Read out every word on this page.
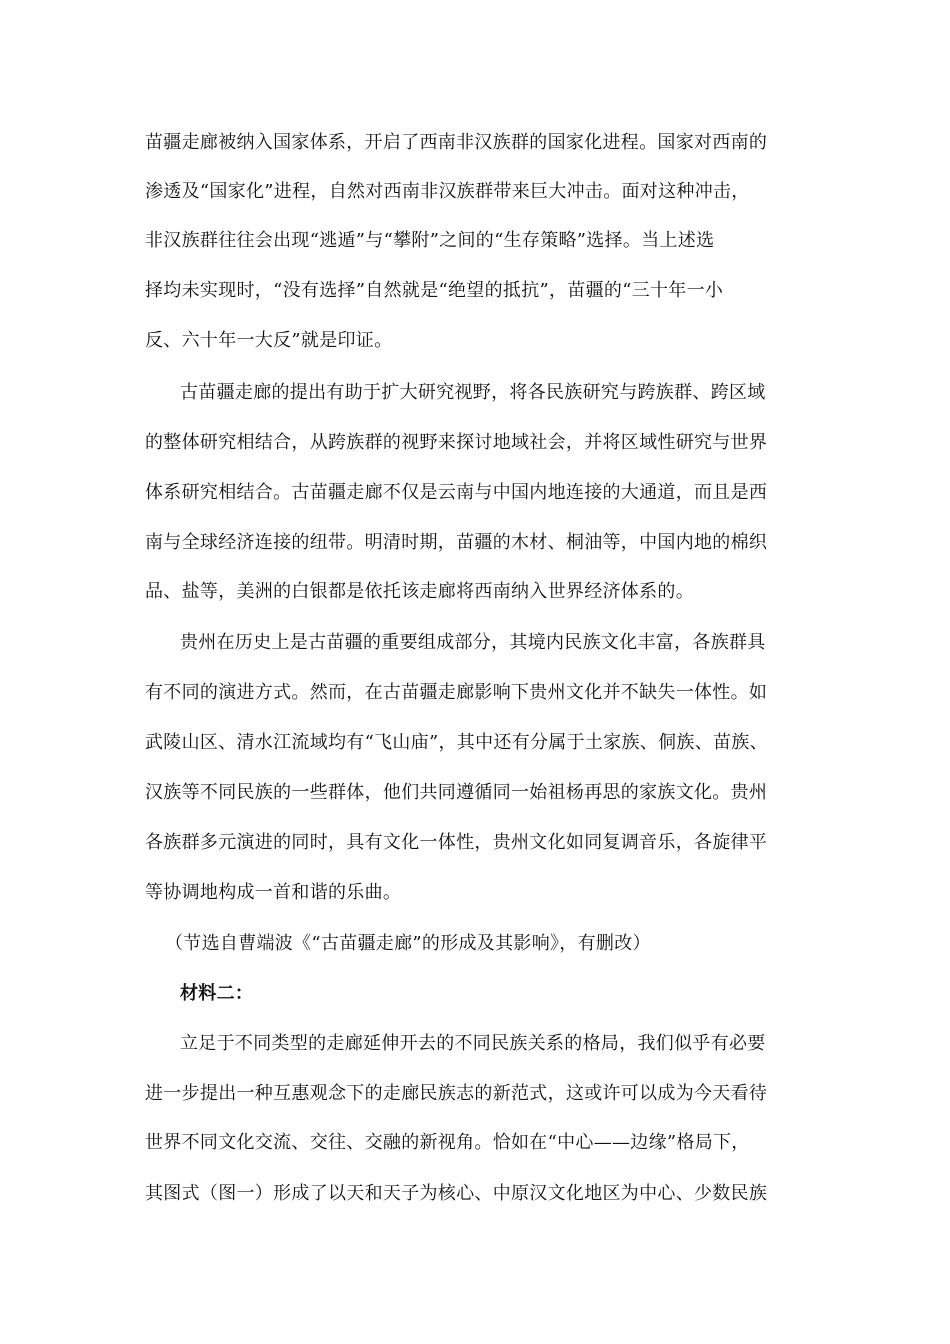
苗疆走廊被纳入国家体系，开启了西南非汉族群的国家化进程。国家对西南的
渗透及“国家化”进程，自然对西南非汉族群带来巨大冲击。面对这种冲击，
非汉族群往往会出现“逃遁”与“攀附”之间的“生存策略”选择。当上述选
择均未实现时，“没有选择”自然就是“绝望的抵抗”，苗疆的“三十年一小
反、六十年一大反”就是印证。
古苗疆走廊的提出有助于扩大研究视野，将各民族研究与跨族群、跨区域
的整体研究相结合，从跨族群的视野来探讨地域社会，并将区域性研究与世界
体系研究相结合。古苗疆走廊不仅是云南与中国内地连接的大通道，而且是西
南与全球经济连接的纽带。明清时期，苗疆的木材、桐油等，中国内地的棉织
品、盐等，美洲的白银都是依托该走廊将西南纳入世界经济体系的。
贵州在历史上是古苗疆的重要组成部分，其境内民族文化丰富，各族群具
有不同的演进方式。然而，在古苗疆走廊影响下贵州文化并不缺失一体性。如
武陵山区、清水江流域均有“飞山庙”，其中还有分属于土家族、侗族、苗族、
汉族等不同民族的一些群体，他们共同遵循同一始祖杨再思的家族文化。贵州
各族群多元演进的同时，具有文化一体性，贵州文化如同复调音乐，各旋律平
等协调地构成一首和谐的乐曲。
（节选自曹端波《“古苗疆走廊”的形成及其影响》，有删改）
材料二：
立足于不同类型的走廊延伸开去的不同民族关系的格局，我们似乎有必要
进一步提出一种互惠观念下的走廊民族志的新范式，这或许可以成为今天看待
世界不同文化交流、交往、交融的新视角。恰如在“中心——边缘”格局下，
其图式（图一）形成了以天和天子为核心、中原汉文化地区为中心、少数民族
